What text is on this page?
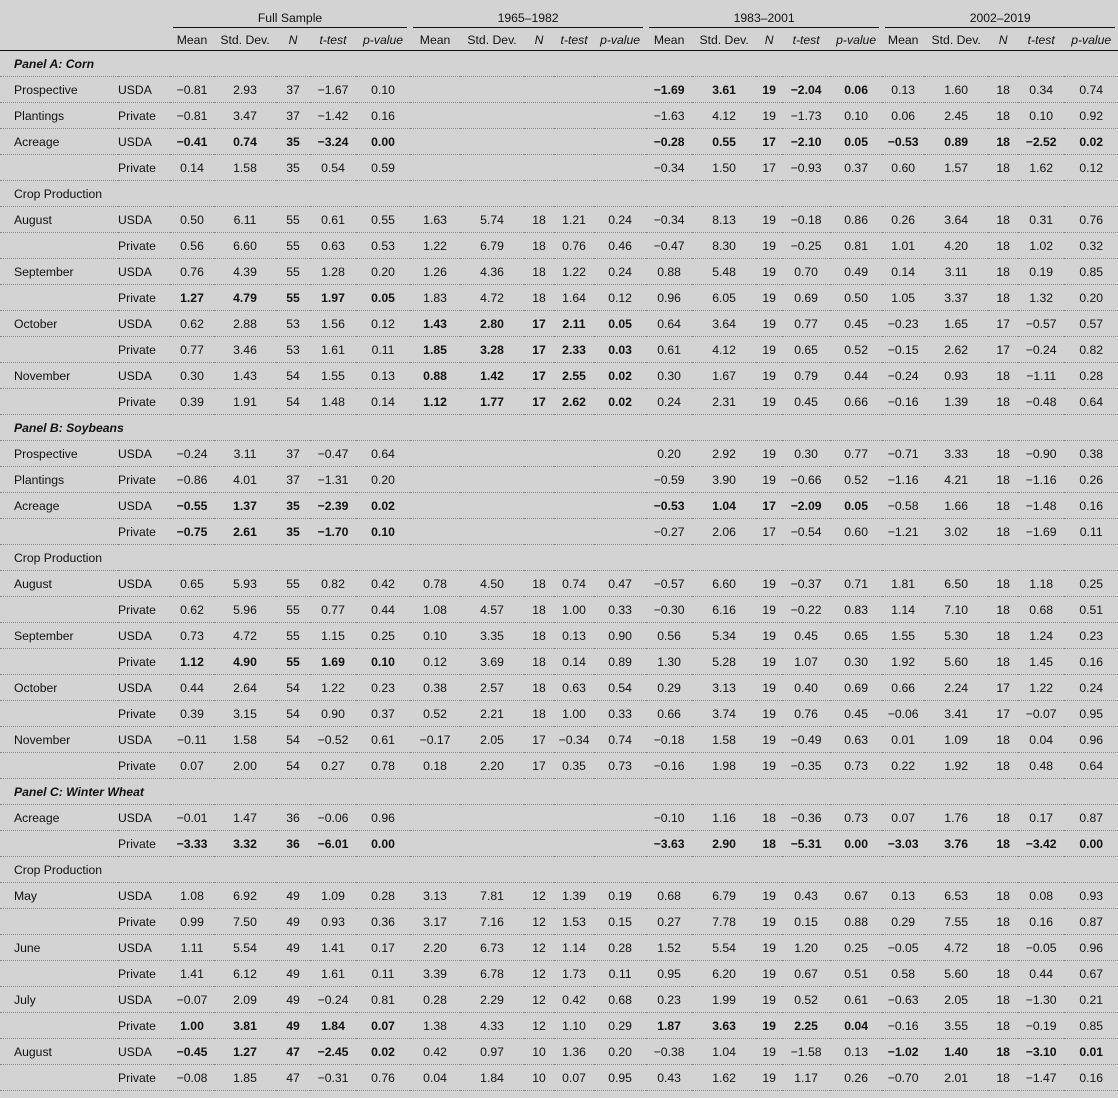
		Full Sample					1965–1982					1983–2001					2002–2019				

		Mean	Std. Dev.	N	t-test	p-value	Mean	Std. Dev.	N	t-test	p-value	Mean	Std. Dev.	N	t-test	p-value	Mean	Std. Dev.	N	t-test	p-value
Panel A: Corn																					
Prospective	USDA	−0.81	2.93	37	−1.67	0.10						−1.69	3.61	19	−2.04	0.06	0.13	1.60	18	0.34	0.74
Plantings	Private	−0.81	3.47	37	−1.42	0.16						−1.63	4.12	19	−1.73	0.10	0.06	2.45	18	0.10	0.92
Acreage	USDA	−0.41	0.74	35	−3.24	0.00						−0.28	0.55	17	−2.10	0.05	−0.53	0.89	18	−2.52	0.02
	Private	0.14	1.58	35	0.54	0.59						−0.34	1.50	17	−0.93	0.37	0.60	1.57	18	1.62	0.12
Crop Production																					
August	USDA	0.50	6.11	55	0.61	0.55	1.63	5.74	18	1.21	0.24	−0.34	8.13	19	−0.18	0.86	0.26	3.64	18	0.31	0.76
	Private	0.56	6.60	55	0.63	0.53	1.22	6.79	18	0.76	0.46	−0.47	8.30	19	−0.25	0.81	1.01	4.20	18	1.02	0.32
September	USDA	0.76	4.39	55	1.28	0.20	1.26	4.36	18	1.22	0.24	0.88	5.48	19	0.70	0.49	0.14	3.11	18	0.19	0.85
	Private	1.27	4.79	55	1.97	0.05	1.83	4.72	18	1.64	0.12	0.96	6.05	19	0.69	0.50	1.05	3.37	18	1.32	0.20
October	USDA	0.62	2.88	53	1.56	0.12	1.43	2.80	17	2.11	0.05	0.64	3.64	19	0.77	0.45	−0.23	1.65	17	−0.57	0.57
	Private	0.77	3.46	53	1.61	0.11	1.85	3.28	17	2.33	0.03	0.61	4.12	19	0.65	0.52	−0.15	2.62	17	−0.24	0.82
November	USDA	0.30	1.43	54	1.55	0.13	0.88	1.42	17	2.55	0.02	0.30	1.67	19	0.79	0.44	−0.24	0.93	18	−1.11	0.28
	Private	0.39	1.91	54	1.48	0.14	1.12	1.77	17	2.62	0.02	0.24	2.31	19	0.45	0.66	−0.16	1.39	18	−0.48	0.64
Panel B: Soybeans																					
Prospective	USDA	−0.24	3.11	37	−0.47	0.64						0.20	2.92	19	0.30	0.77	−0.71	3.33	18	−0.90	0.38
Plantings	Private	−0.86	4.01	37	−1.31	0.20						−0.59	3.90	19	−0.66	0.52	−1.16	4.21	18	−1.16	0.26
Acreage	USDA	−0.55	1.37	35	−2.39	0.02						−0.53	1.04	17	−2.09	0.05	−0.58	1.66	18	−1.48	0.16
	Private	−0.75	2.61	35	−1.70	0.10						−0.27	2.06	17	−0.54	0.60	−1.21	3.02	18	−1.69	0.11
Crop Production																					
August	USDA	0.65	5.93	55	0.82	0.42	0.78	4.50	18	0.74	0.47	−0.57	6.60	19	−0.37	0.71	1.81	6.50	18	1.18	0.25
	Private	0.62	5.96	55	0.77	0.44	1.08	4.57	18	1.00	0.33	−0.30	6.16	19	−0.22	0.83	1.14	7.10	18	0.68	0.51
September	USDA	0.73	4.72	55	1.15	0.25	0.10	3.35	18	0.13	0.90	0.56	5.34	19	0.45	0.65	1.55	5.30	18	1.24	0.23
	Private	1.12	4.90	55	1.69	0.10	0.12	3.69	18	0.14	0.89	1.30	5.28	19	1.07	0.30	1.92	5.60	18	1.45	0.16
October	USDA	0.44	2.64	54	1.22	0.23	0.38	2.57	18	0.63	0.54	0.29	3.13	19	0.40	0.69	0.66	2.24	17	1.22	0.24
	Private	0.39	3.15	54	0.90	0.37	0.52	2.21	18	1.00	0.33	0.66	3.74	19	0.76	0.45	−0.06	3.41	17	−0.07	0.95
November	USDA	−0.11	1.58	54	−0.52	0.61	−0.17	2.05	17	−0.34	0.74	−0.18	1.58	19	−0.49	0.63	0.01	1.09	18	0.04	0.96
	Private	0.07	2.00	54	0.27	0.78	0.18	2.20	17	0.35	0.73	−0.16	1.98	19	−0.35	0.73	0.22	1.92	18	0.48	0.64
Panel C: Winter Wheat																					
Acreage	USDA	−0.01	1.47	36	−0.06	0.96						−0.10	1.16	18	−0.36	0.73	0.07	1.76	18	0.17	0.87
	Private	−3.33	3.32	36	−6.01	0.00						−3.63	2.90	18	−5.31	0.00	−3.03	3.76	18	−3.42	0.00
Crop Production																					
May	USDA	1.08	6.92	49	1.09	0.28	3.13	7.81	12	1.39	0.19	0.68	6.79	19	0.43	0.67	0.13	6.53	18	0.08	0.93
	Private	0.99	7.50	49	0.93	0.36	3.17	7.16	12	1.53	0.15	0.27	7.78	19	0.15	0.88	0.29	7.55	18	0.16	0.87
June	USDA	1.11	5.54	49	1.41	0.17	2.20	6.73	12	1.14	0.28	1.52	5.54	19	1.20	0.25	−0.05	4.72	18	−0.05	0.96
	Private	1.41	6.12	49	1.61	0.11	3.39	6.78	12	1.73	0.11	0.95	6.20	19	0.67	0.51	0.58	5.60	18	0.44	0.67
July	USDA	−0.07	2.09	49	−0.24	0.81	0.28	2.29	12	0.42	0.68	0.23	1.99	19	0.52	0.61	−0.63	2.05	18	−1.30	0.21
	Private	1.00	3.81	49	1.84	0.07	1.38	4.33	12	1.10	0.29	1.87	3.63	19	2.25	0.04	−0.16	3.55	18	−0.19	0.85
August	USDA	−0.45	1.27	47	−2.45	0.02	0.42	0.97	10	1.36	0.20	−0.38	1.04	19	−1.58	0.13	−1.02	1.40	18	−3.10	0.01
	Private	−0.08	1.85	47	−0.31	0.76	0.04	1.84	10	0.07	0.95	0.43	1.62	19	1.17	0.26	−0.70	2.01	18	−1.47	0.16
